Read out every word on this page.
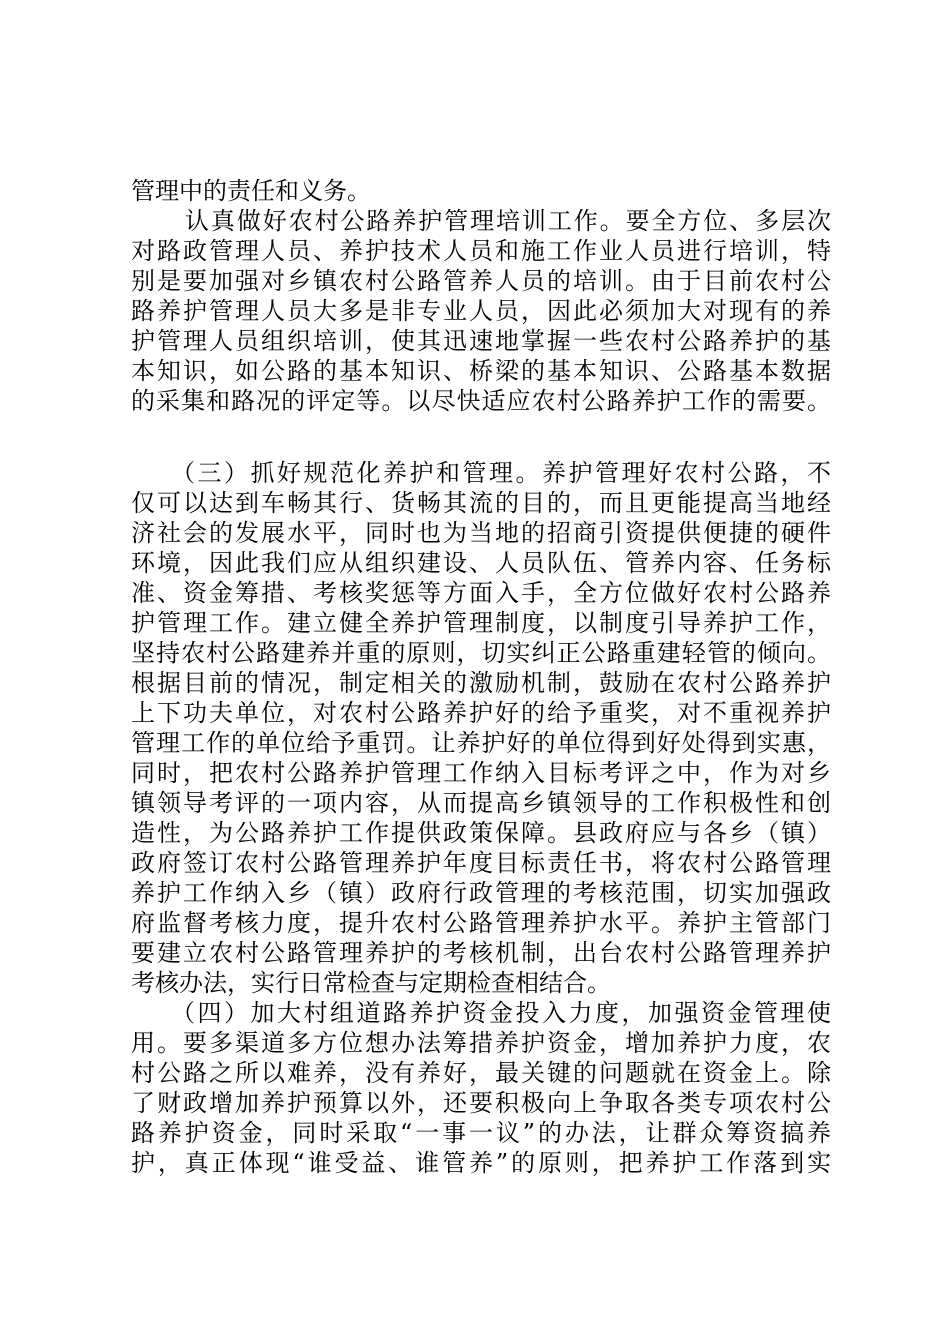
管理中的责任和义务。
认真做好农村公路养护管理培训工作。要全方位、多层次
对路政管理人员、养护技术人员和施工作业人员进行培训，特
别是要加强对乡镇农村公路管养人员的培训。由于目前农村公
路养护管理人员大多是非专业人员，因此必须加大对现有的养
护管理人员组织培训，使其迅速地掌握一些农村公路养护的基
本知识，如公路的基本知识、桥梁的基本知识、公路基本数据
的采集和路况的评定等。以尽快适应农村公路养护工作的需要。
（三）抓好规范化养护和管理。养护管理好农村公路，不
仅可以达到车畅其行、货畅其流的目的，而且更能提高当地经
济社会的发展水平，同时也为当地的招商引资提供便捷的硬件
环境，因此我们应从组织建设、人员队伍、管养内容、任务标
准、资金筹措、考核奖惩等方面入手，全方位做好农村公路养
护管理工作。建立健全养护管理制度，以制度引导养护工作，
坚持农村公路建养并重的原则，切实纠正公路重建轻管的倾向。
根据目前的情况，制定相关的激励机制，鼓励在农村公路养护
上下功夫单位，对农村公路养护好的给予重奖，对不重视养护
管理工作的单位给予重罚。让养护好的单位得到好处得到实惠，
同时，把农村公路养护管理工作纳入目标考评之中，作为对乡
镇领导考评的一项内容，从而提高乡镇领导的工作积极性和创
造性，为公路养护工作提供政策保障。县政府应与各乡（镇）
政府签订农村公路管理养护年度目标责任书，将农村公路管理
养护工作纳入乡（镇）政府行政管理的考核范围，切实加强政
府监督考核力度，提升农村公路管理养护水平。养护主管部门
要建立农村公路管理养护的考核机制，出台农村公路管理养护
考核办法，实行日常检查与定期检查相结合。
（四）加大村组道路养护资金投入力度，加强资金管理使
用。要多渠道多方位想办法筹措养护资金，增加养护力度，农
村公路之所以难养，没有养好，最关键的问题就在资金上。除
了财政增加养护预算以外，还要积极向上争取各类专项农村公
路养护资金，同时采取“一事一议”的办法，让群众筹资搞养
护，真正体现“谁受益、谁管养”的原则，把养护工作落到实
